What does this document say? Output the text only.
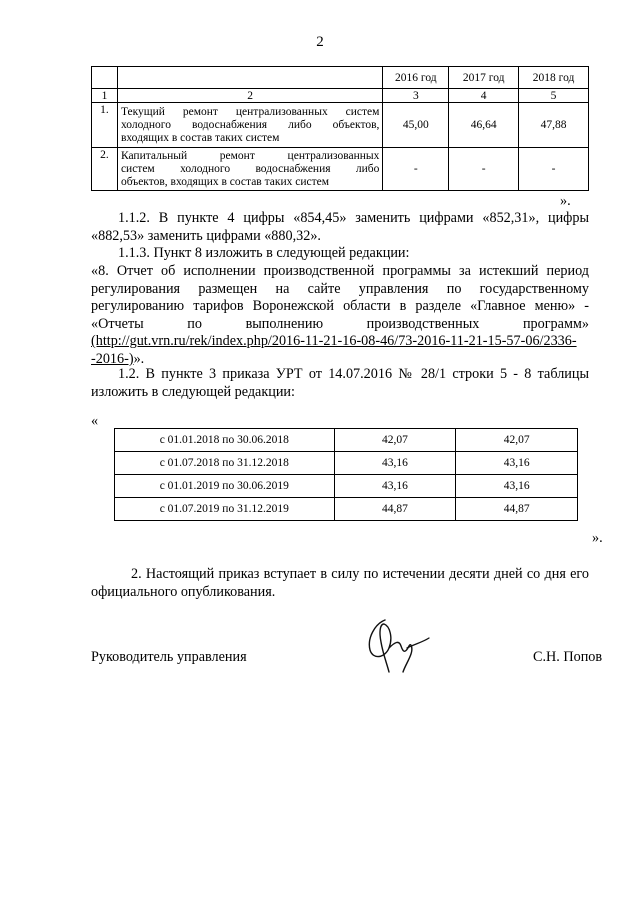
2
		2016 год	2017 год	2018 год
1	2	3	4	5
1.	Текущий ремонт централизованных систем
холодного водоснабжения либо объектов,
входящих в состав таких систем	45,00	46,64	47,88
2.	Капитальный ремонт централизованных
систем холодного водоснабжения либо
объектов, входящих в состав таких систем	-	-	-
».
1.1.2. В пункте 4 цифры «854,45» заменить цифрами «852,31», цифры
«882,53» заменить цифрами «880,32».
1.1.3. Пункт 8 изложить в следующей редакции:
«8. Отчет об исполнении производственной программы за истекший период
регулирования размещен на сайте управления по государственному
регулированию тарифов Воронежской области в разделе «Главное меню» -
«Отчеты по выполнению производственных программ»
(http://gut.vrn.ru/rek/index.php/2016-11-21-16-08-46/73-2016-11-21-15-57-06/2336-
-2016-)».
1.2. В пункте 3 приказа УРТ от 14.07.2016 № 28/1 строки 5 - 8 таблицы
изложить в следующей редакции:
«
с 01.01.2018 по 30.06.2018	42,07	42,07
с 01.07.2018 по 31.12.2018	43,16	43,16
с 01.01.2019 по 30.06.2019	43,16	43,16
с 01.07.2019 по 31.12.2019	44,87	44,87
».
2. Настоящий приказ вступает в силу по истечении десяти дней со дня его
официального опубликования.
Руководитель управления	С.Н. Попов
